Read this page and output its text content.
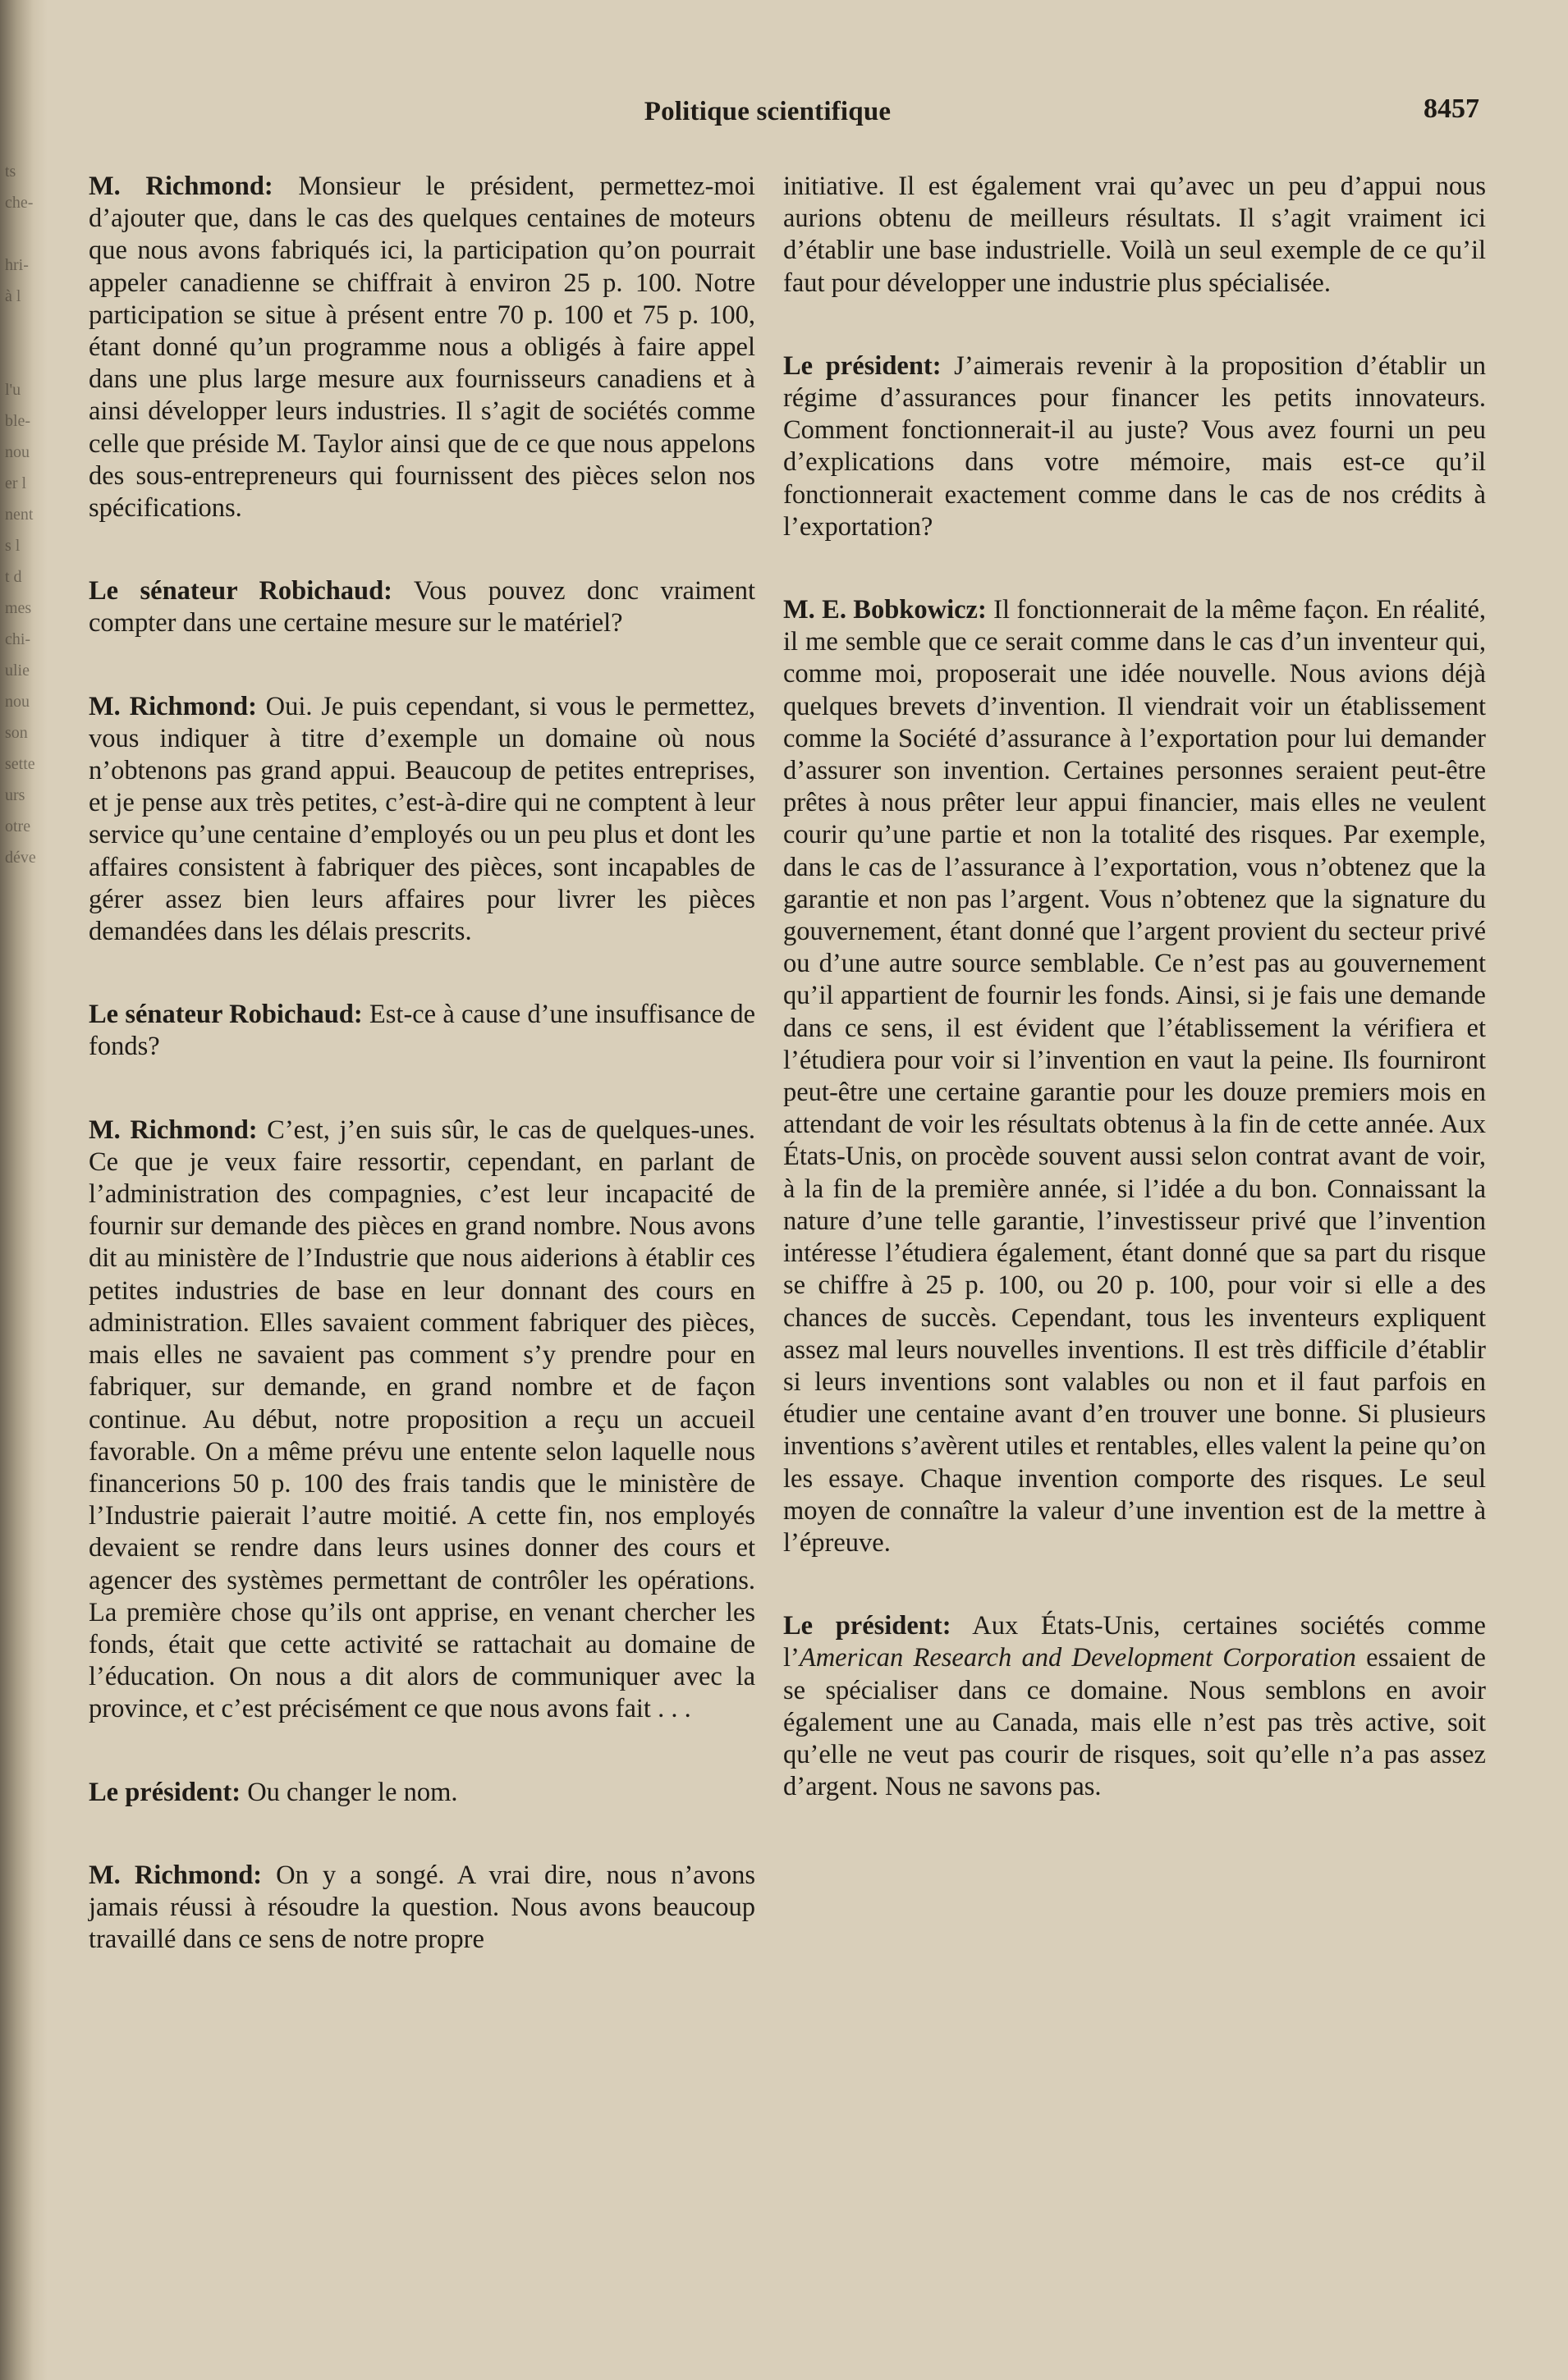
ts
che-

hri-
à l

l'u
ble-
nou
er l
nent
s l
t d
mes
chi-
ulie
nou
son
sette
urs
otre
déve
Politique scientifique	8457

M. Richmond: Monsieur le président, permettez-moi d’ajouter que, dans le cas des quelques centaines de moteurs que nous avons fabriqués ici, la participation qu’on pourrait appeler canadienne se chiffrait à environ 25 p. 100. Notre participation se situe à présent entre 70 p. 100 et 75 p. 100, étant donné qu’un programme nous a obligés à faire appel dans une plus large mesure aux fournisseurs canadiens et à ainsi développer leurs industries. Il s’agit de sociétés comme celle que préside M. Taylor ainsi que de ce que nous appelons des sous-entrepreneurs qui fournissent des pièces selon nos spécifications.

Le sénateur Robichaud: Vous pouvez donc vraiment compter dans une certaine mesure sur le matériel?

M. Richmond: Oui. Je puis cependant, si vous le permettez, vous indiquer à titre d’exemple un domaine où nous n’obtenons pas grand appui. Beaucoup de petites entreprises, et je pense aux très petites, c’est-à-dire qui ne comptent à leur service qu’une centaine d’employés ou un peu plus et dont les affaires consistent à fabriquer des pièces, sont incapables de gérer assez bien leurs affaires pour livrer les pièces demandées dans les délais prescrits.

Le sénateur Robichaud: Est-ce à cause d’une insuffisance de fonds?

M. Richmond: C’est, j’en suis sûr, le cas de quelques-unes. Ce que je veux faire ressortir, cependant, en parlant de l’administration des compagnies, c’est leur incapacité de fournir sur demande des pièces en grand nombre. Nous avons dit au ministère de l’Industrie que nous aiderions à établir ces petites industries de base en leur donnant des cours en administration. Elles savaient comment fabriquer des pièces, mais elles ne savaient pas comment s’y prendre pour en fabriquer, sur demande, en grand nombre et de façon continue. Au début, notre proposition a reçu un accueil favorable. On a même prévu une entente selon laquelle nous financerions 50 p. 100 des frais tandis que le ministère de l’Industrie paierait l’autre moitié. A cette fin, nos employés devaient se rendre dans leurs usines donner des cours et agencer des systèmes permettant de contrôler les opérations. La première chose qu’ils ont apprise, en venant chercher les fonds, était que cette activité se rattachait au domaine de l’éducation. On nous a dit alors de communiquer avec la province, et c’est précisément ce que nous avons fait . . .

Le président: Ou changer le nom.

M. Richmond: On y a songé. A vrai dire, nous n’avons jamais réussi à résoudre la question. Nous avons beaucoup travaillé dans ce sens de notre propre

initiative. Il est également vrai qu’avec un peu d’appui nous aurions obtenu de meilleurs résultats. Il s’agit vraiment ici d’établir une base industrielle. Voilà un seul exemple de ce qu’il faut pour développer une industrie plus spécialisée.

Le président: J’aimerais revenir à la proposition d’établir un régime d’assurances pour financer les petits innovateurs. Comment fonctionnerait-il au juste? Vous avez fourni un peu d’explications dans votre mémoire, mais est-ce qu’il fonctionnerait exactement comme dans le cas de nos crédits à l’exportation?

M. E. Bobkowicz: Il fonctionnerait de la même façon. En réalité, il me semble que ce serait comme dans le cas d’un inventeur qui, comme moi, proposerait une idée nouvelle. Nous avions déjà quelques brevets d’invention. Il viendrait voir un établissement comme la Société d’assurance à l’exportation pour lui demander d’assurer son invention. Certaines personnes seraient peut-être prêtes à nous prêter leur appui financier, mais elles ne veulent courir qu’une partie et non la totalité des risques. Par exemple, dans le cas de l’assurance à l’exportation, vous n’obtenez que la garantie et non pas l’argent. Vous n’obtenez que la signature du gouvernement, étant donné que l’argent provient du secteur privé ou d’une autre source semblable. Ce n’est pas au gouvernement qu’il appartient de fournir les fonds. Ainsi, si je fais une demande dans ce sens, il est évident que l’établissement la vérifiera et l’étudiera pour voir si l’invention en vaut la peine. Ils fourniront peut-être une certaine garantie pour les douze premiers mois en attendant de voir les résultats obtenus à la fin de cette année. Aux États-Unis, on procède souvent aussi selon contrat avant de voir, à la fin de la première année, si l’idée a du bon. Connaissant la nature d’une telle garantie, l’investisseur privé que l’invention intéresse l’étudiera également, étant donné que sa part du risque se chiffre à 25 p. 100, ou 20 p. 100, pour voir si elle a des chances de succès. Cependant, tous les inventeurs expliquent assez mal leurs nouvelles inventions. Il est très difficile d’établir si leurs inventions sont valables ou non et il faut parfois en étudier une centaine avant d’en trouver une bonne. Si plusieurs inventions s’avèrent utiles et rentables, elles valent la peine qu’on les essaye. Chaque invention comporte des risques. Le seul moyen de connaître la valeur d’une invention est de la mettre à l’épreuve.

Le président: Aux États-Unis, certaines sociétés comme l’American Research and Development Corporation essaient de se spécialiser dans ce domaine. Nous semblons en avoir également une au Canada, mais elle n’est pas très active, soit qu’elle ne veut pas courir de risques, soit qu’elle n’a pas assez d’argent. Nous ne savons pas.
